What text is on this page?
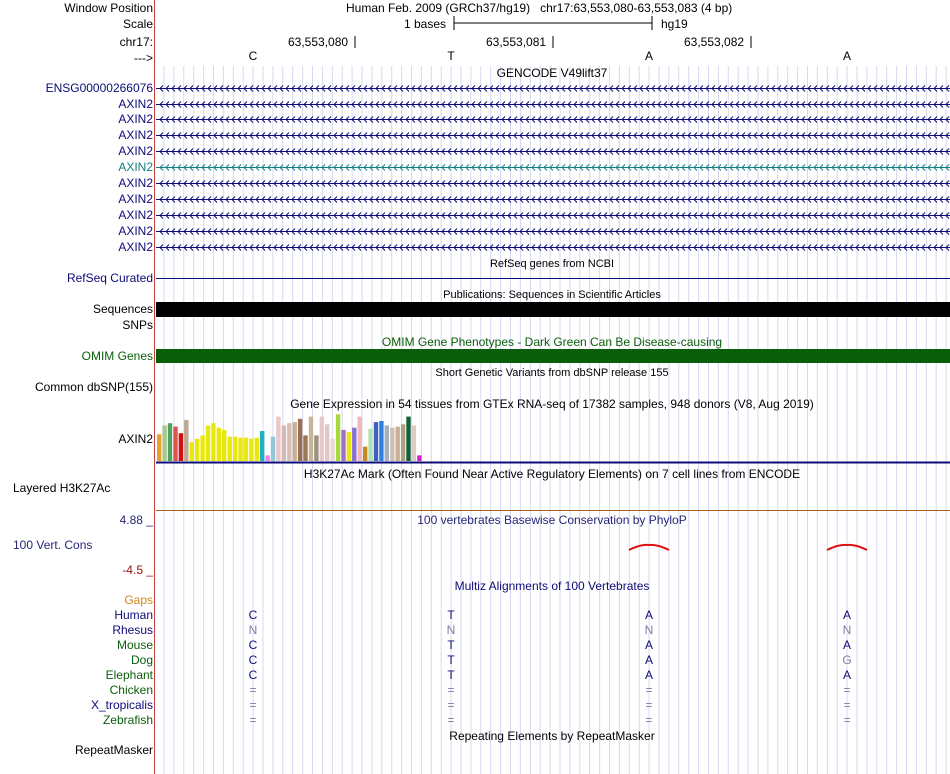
Window Position	Human Feb. 2009 (GRCh37/hg19)   chr17:63,553,080-63,553,083 (4 bp)
Scale	1 bases	hg19
chr17:	63,553,080	63,553,081	63,553,082
--->	C	T	A	A
GENCODE V49lift37
ENSG00000266076
AXIN2
AXIN2
AXIN2
AXIN2
AXIN2
AXIN2
AXIN2
AXIN2
AXIN2
AXIN2
RefSeq genes from NCBI
RefSeq Curated
Publications: Sequences in Scientific Articles
Sequences
SNPs
OMIM Gene Phenotypes - Dark Green Can Be Disease-causing
OMIM Genes
Short Genetic Variants from dbSNP release 155
Common dbSNP(155)
Gene Expression in 54 tissues from GTEx RNA-seq of 17382 samples, 948 donors (V8, Aug 2019)
AXIN2
H3K27Ac Mark (Often Found Near Active Regulatory Elements) on 7 cell lines from ENCODE
Layered H3K27Ac
4.88 _	100 vertebrates Basewise Conservation by PhyloP
100 Vert. Cons
-4.5 _
Multiz Alignments of 100 Vertebrates
Gaps
Human	C	T	A	A
Rhesus	N	N	N	N
Mouse	C	T	A	A
Dog	C	T	A	G
Elephant	C	T	A	A
Chicken	=	=	=	=
X_tropicalis	=	=	=	=
Zebrafish	=	=	=	=
Repeating Elements by RepeatMasker
RepeatMasker
